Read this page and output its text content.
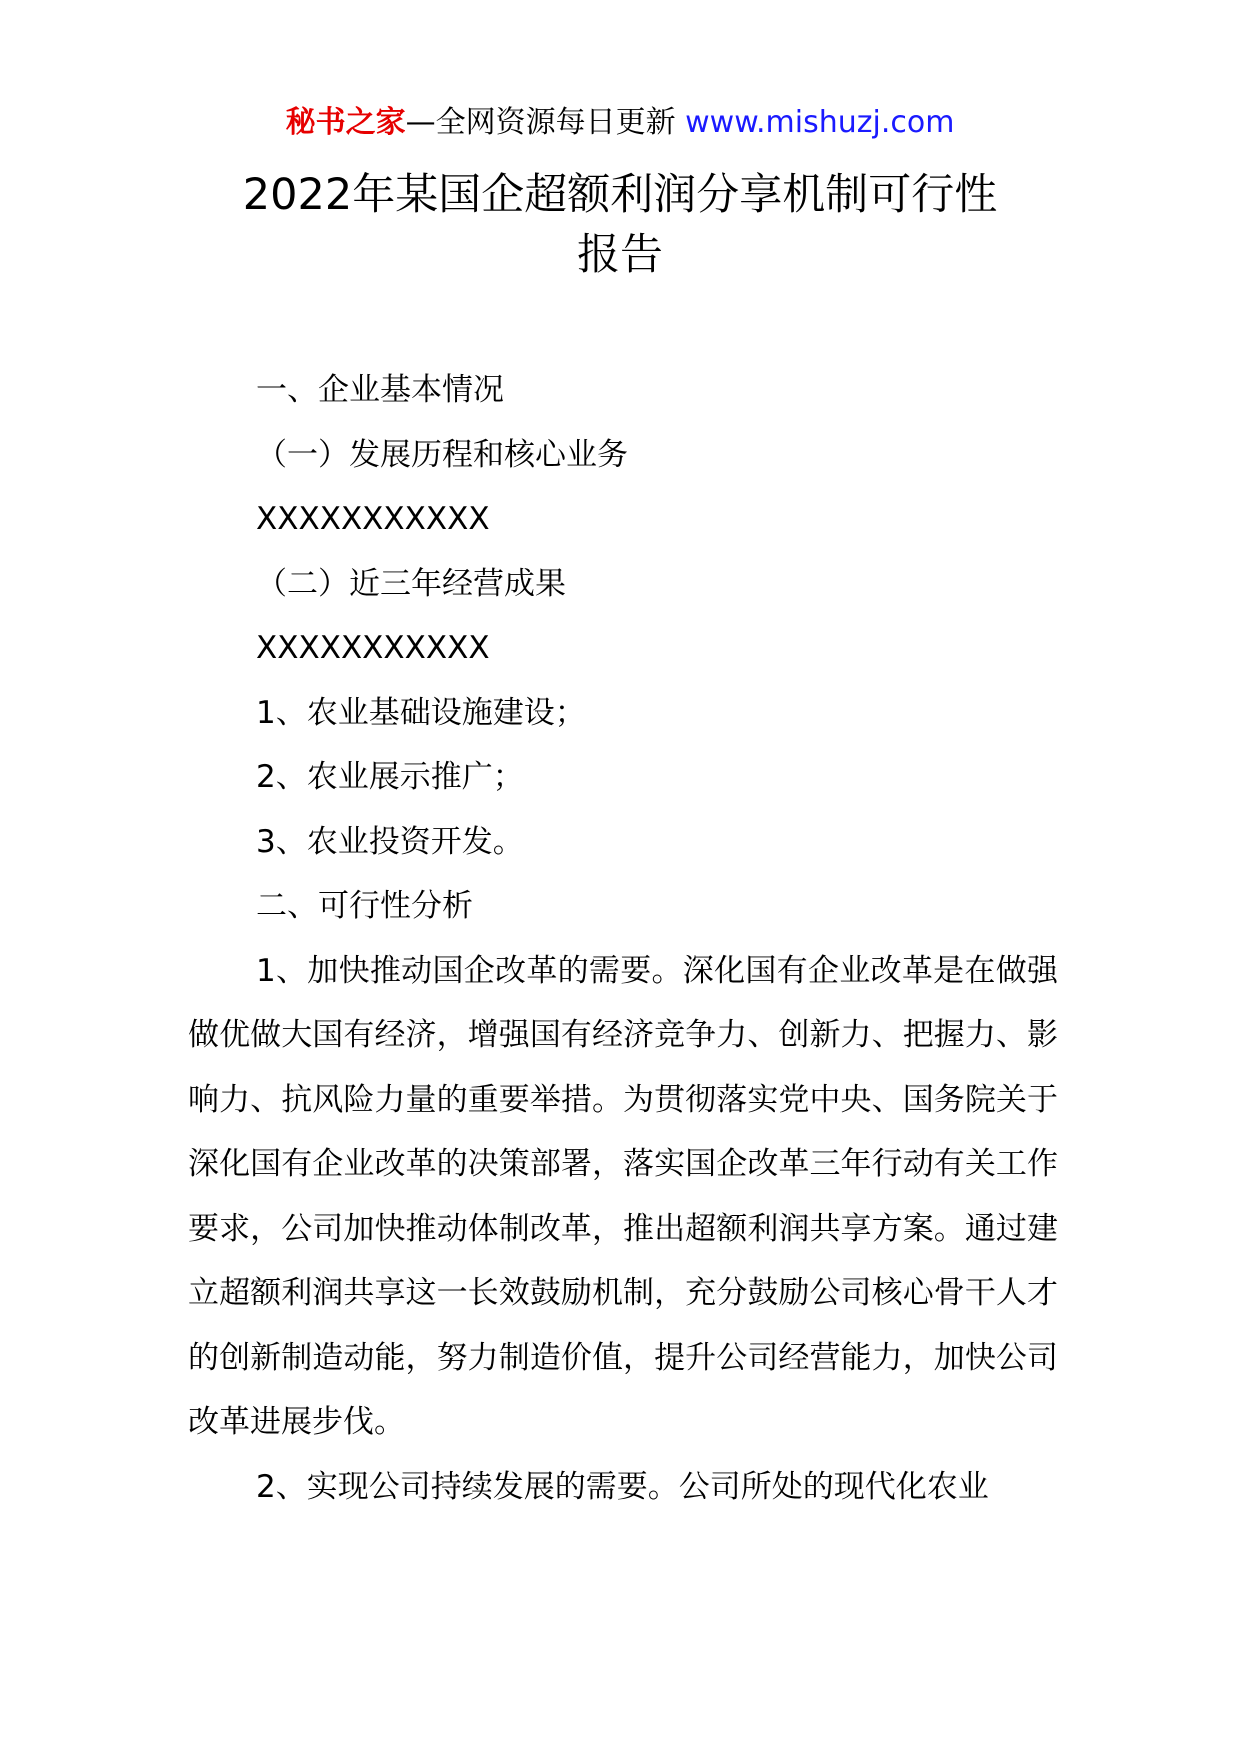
秘书之家—全网资源每日更新 www.mishuzj.com
2022年某国企超额利润分享机制可行性
报告

一、企业基本情况

（一）发展历程和核心业务

XXXXXXXXXXX

（二）近三年经营成果

XXXXXXXXXXX

1、农业基础设施建设；

2、农业展示推广；

3、农业投资开发。

二、可行性分析

1、加快推动国企改革的需要。深化国有企业改革是在做强做优做大国有经济，增强国有经济竞争力、创新力、把握力、影响力、抗风险力量的重要举措。为贯彻落实党中央、国务院关于深化国有企业改革的决策部署，落实国企改革三年行动有关工作要求，公司加快推动体制改革，推出超额利润共享方案。通过建立超额利润共享这一长效鼓励机制，充分鼓励公司核心骨干人才的创新制造动能，努力制造价值，提升公司经营能力，加快公司改革进展步伐。

2、实现公司持续发展的需要。公司所处的现代化农业
